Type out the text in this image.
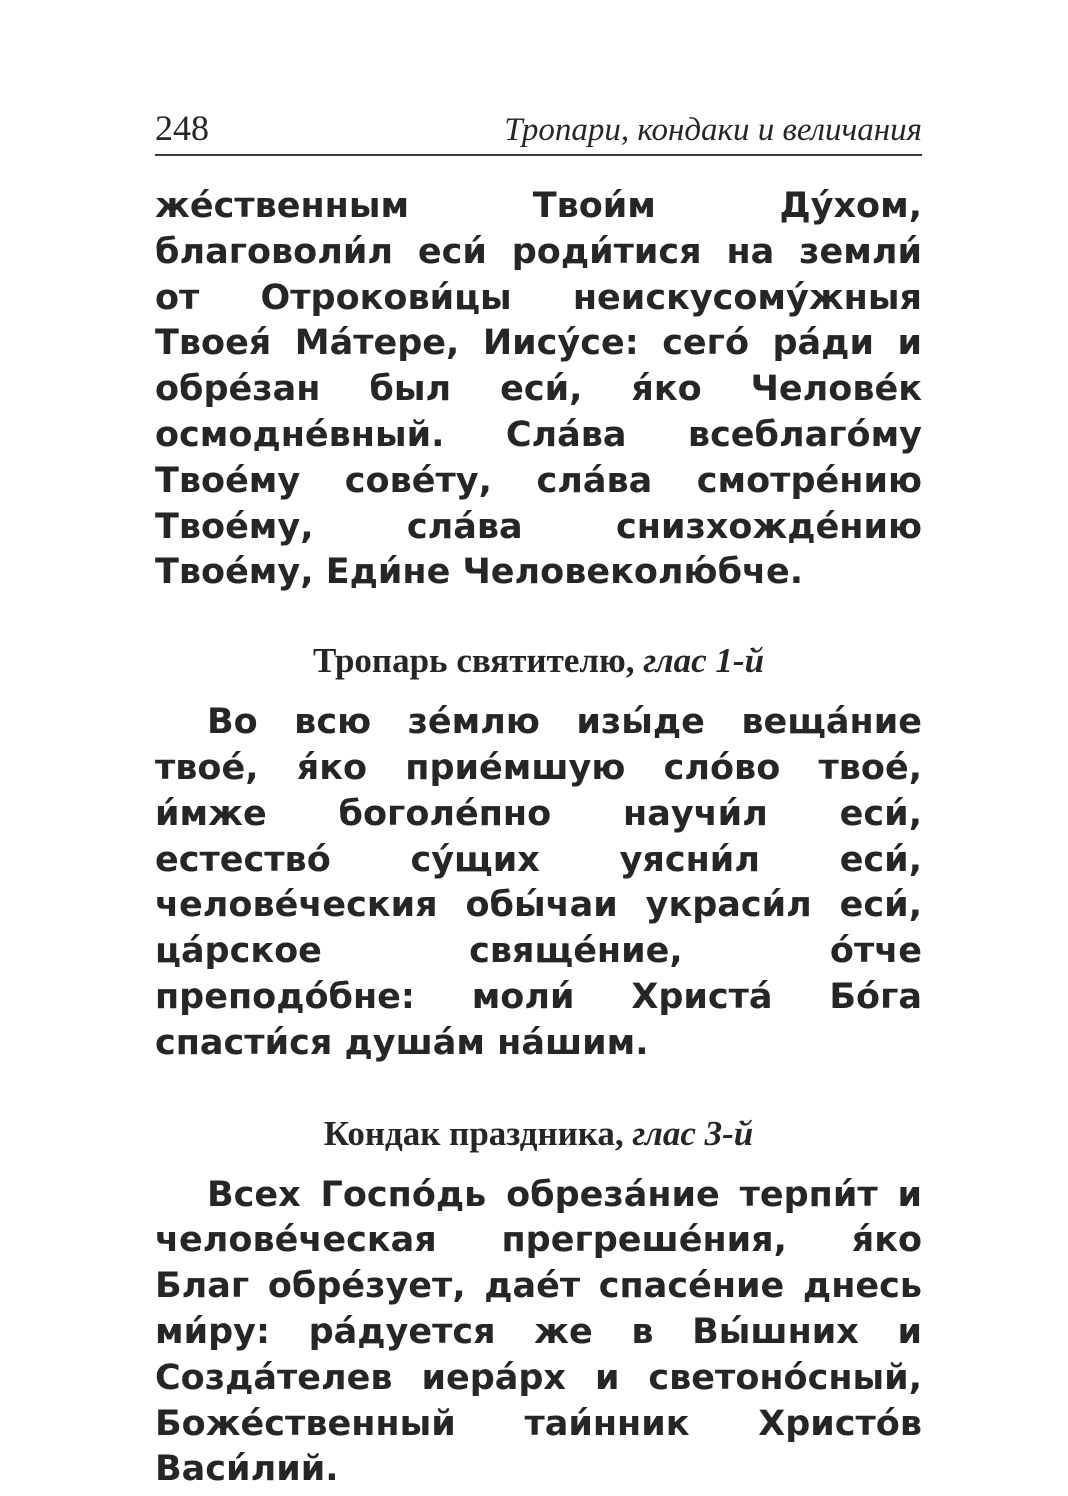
248	Тропари, кондаки и величания

же́ственным Твои́м Ду́хом, благоволи́л еси́ роди́тися на земли́ от Отрокови́цы неискусому́жныя Твоея́ Ма́тере, Иису́се: сего́ ра́ди и обре́зан был еси́, я́ко Челове́к осмодне́вный. Сла́ва всеблаго́му Твое́му сове́ту, сла́ва смотре́нию Твое́му, сла́ва снизхожде́нию Твое́му, Еди́не Человеколю́бче.

Тропарь святителю, глас 1-й

Во всю зе́млю изы́де веща́ние твое́, я́ко прие́мшую сло́во твое́, и́мже боголе́пно научи́л еси́, естество́ су́щих уясни́л еси́, челове́ческия обы́чаи украси́л еси́, ца́рское свяще́ние, о́тче преподо́бне: моли́ Христа́ Бо́га спасти́ся душа́м на́шим.

Кондак праздника, глас 3-й

Всех Госпо́дь обреза́ние терпи́т и челове́ческая прегреше́ния, я́ко Благ обре́зует, дае́т спасе́ние днесь ми́ру: ра́дуется же в Вы́шних и Созда́телев иера́рх и светоно́сный, Боже́ственный таи́нник Христо́в Васи́лий.
